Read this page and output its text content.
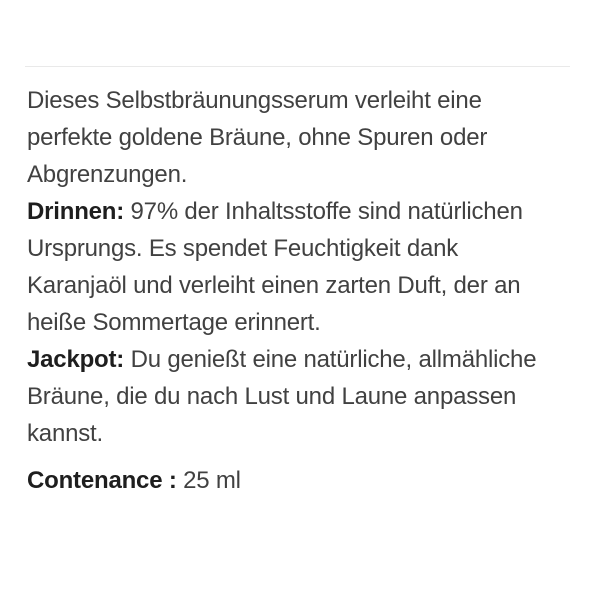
Dieses Selbstbräunungsserum verleiht eine
perfekte goldene Bräune, ohne Spuren oder
Abgrenzungen.
Drinnen: 97% der Inhaltsstoffe sind natürlichen
Ursprungs. Es spendet Feuchtigkeit dank
Karanjaöl und verleiht einen zarten Duft, der an
heiße Sommertage erinnert.
Jackpot: Du genießt eine natürliche, allmähliche
Bräune, die du nach Lust und Laune anpassen
kannst.

Contenance : 25 ml
